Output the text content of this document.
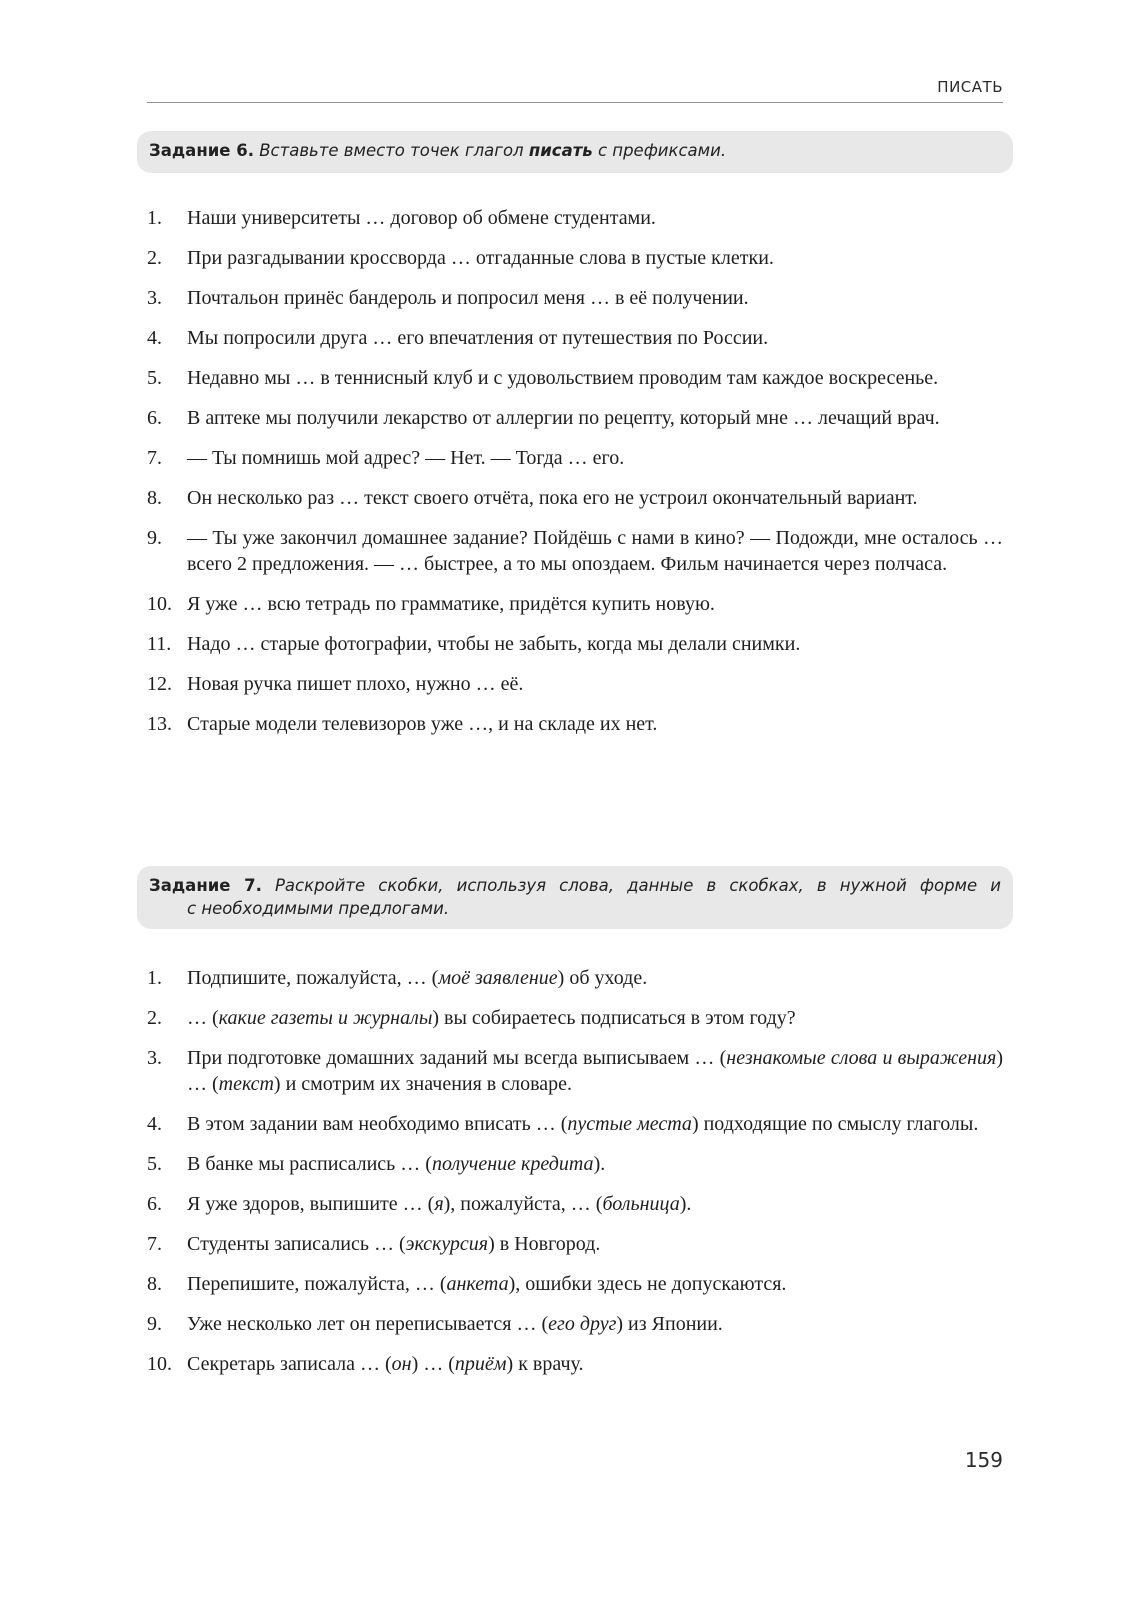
ПИСАТЬ
Задание 6. Вставьте вместо точек глагол писать с префиксами.
1. Наши университеты … договор об обмене студентами.
2. При разгадывании кроссворда … отгаданные слова в пустые клетки.
3. Почтальон принёс бандероль и попросил меня … в её получении.
4. Мы попросили друга … его впечатления от путешествия по России.
5. Недавно мы … в теннисный клуб и с удовольствием проводим там каждое воскресенье.
6. В аптеке мы получили лекарство от аллергии по рецепту, который мне … лечащий врач.
7. — Ты помнишь мой адрес? — Нет. — Тогда … его.
8. Он несколько раз … текст своего отчёта, пока его не устроил окончательный вариант.
9. — Ты уже закончил домашнее задание? Пойдёшь с нами в кино? — Подожди, мне осталось … всего 2 предложения. — … быстрее, а то мы опоздаем. Фильм начинается через полчаса.
10. Я уже … всю тетрадь по грамматике, придётся купить новую.
11. Надо … старые фотографии, чтобы не забыть, когда мы делали снимки.
12. Новая ручка пишет плохо, нужно … её.
13. Старые модели телевизоров уже …, и на складе их нет.
Задание 7. Раскройте скобки, используя слова, данные в скобках, в нужной форме и
с необходимыми предлогами.
1. Подпишите, пожалуйста, … (моё заявление) об уходе.
2. … (какие газеты и журналы) вы собираетесь подписаться в этом году?
3. При подготовке домашних заданий мы всегда выписываем … (незнакомые слова и выражения) … (текст) и смотрим их значения в словаре.
4. В этом задании вам необходимо вписать … (пустые места) подходящие по смыслу глаголы.
5. В банке мы расписались … (получение кредита).
6. Я уже здоров, выпишите … (я), пожалуйста, … (больница).
7. Студенты записались … (экскурсия) в Новгород.
8. Перепишите, пожалуйста, … (анкета), ошибки здесь не допускаются.
9. Уже несколько лет он переписывается … (его друг) из Японии.
10. Секретарь записала … (он) … (приём) к врачу.
159
